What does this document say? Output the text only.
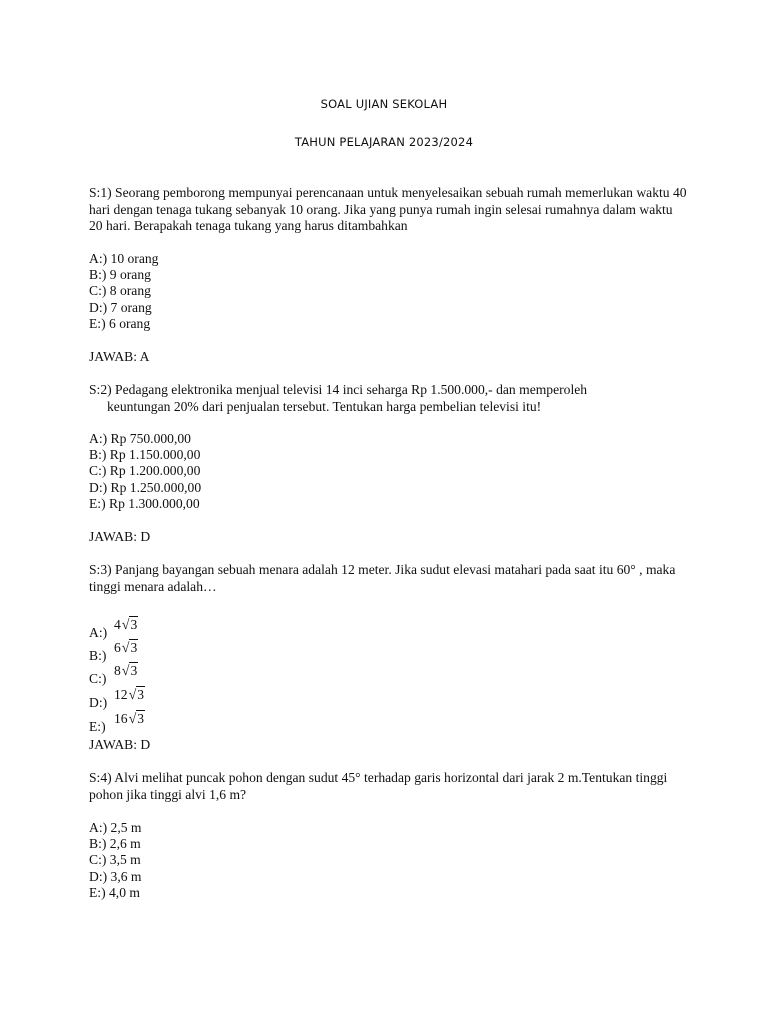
SOAL UJIAN SEKOLAH
TAHUN PELAJARAN 2023/2024
S:1) Seorang pemborong mempunyai perencanaan untuk menyelesaikan sebuah rumah memerlukan waktu 40 hari dengan tenaga tukang sebanyak 10 orang. Jika yang punya rumah ingin selesai rumahnya dalam waktu 20 hari. Berapakah tenaga tukang yang harus ditambahkan
A:) 10 orang
B:) 9 orang
C:) 8 orang
D:) 7 orang
E:) 6 orang
JAWAB: A
S:2) Pedagang elektronika menjual televisi 14 inci seharga Rp 1.500.000,- dan memperoleh
keuntungan 20% dari penjualan tersebut. Tentukan harga pembelian televisi itu!
A:) Rp 750.000,00
B:) Rp 1.150.000,00
C:) Rp 1.200.000,00
D:) Rp 1.250.000,00
E:) Rp 1.300.000,00
JAWAB: D
S:3) Panjang bayangan sebuah menara adalah 12 meter. Jika sudut elevasi matahari pada saat itu 60° , maka tinggi menara adalah…
A:)
4√3
B:)
6√3
C:)
8√3
D:)
12√3
E:)
16√3
JAWAB: D
S:4) Alvi melihat puncak pohon dengan sudut 45° terhadap garis horizontal dari jarak 2 m.Tentukan tinggi pohon jika tinggi alvi 1,6 m?
A:) 2,5 m
B:) 2,6 m
C:) 3,5 m
D:) 3,6 m
E:) 4,0 m
